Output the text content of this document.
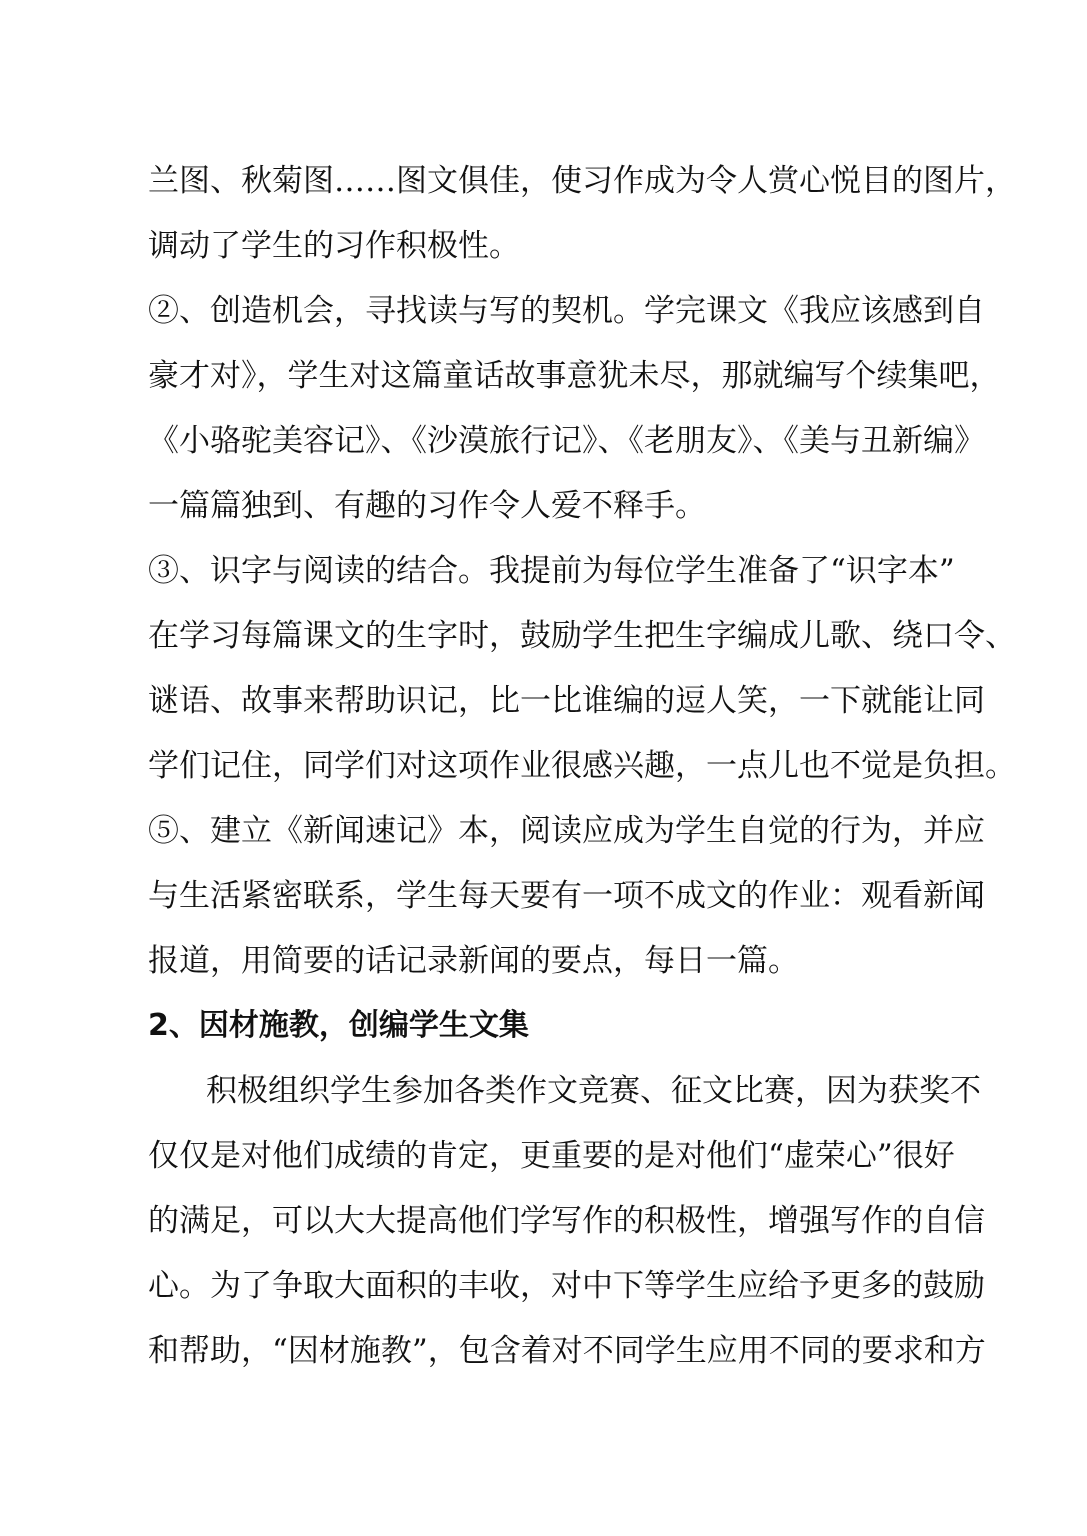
兰图、秋菊图……图文俱佳，使习作成为令人赏心悦目的图片，
调动了学生的习作积极性。
②、创造机会，寻找读与写的契机。学完课文《我应该感到自
豪才对》，学生对这篇童话故事意犹未尽，那就编写个续集吧，
《小骆驼美容记》、《沙漠旅行记》、《老朋友》、《美与丑新编》
一篇篇独到、有趣的习作令人爱不释手。
③、识字与阅读的结合。我提前为每位学生准备了“识字本”
在学习每篇课文的生字时，鼓励学生把生字编成儿歌、绕口令、
谜语、故事来帮助识记，比一比谁编的逗人笑，一下就能让同
学们记住，同学们对这项作业很感兴趣，一点儿也不觉是负担。
⑤、建立《新闻速记》本，阅读应成为学生自觉的行为，并应
与生活紧密联系，学生每天要有一项不成文的作业：观看新闻
报道，用简要的话记录新闻的要点，每日一篇。
2、因材施教，创编学生文集
积极组织学生参加各类作文竞赛、征文比赛，因为获奖不
仅仅是对他们成绩的肯定，更重要的是对他们“虚荣心”很好
的满足，可以大大提高他们学写作的积极性，增强写作的自信
心。为了争取大面积的丰收，对中下等学生应给予更多的鼓励
和帮助，“因材施教”，包含着对不同学生应用不同的要求和方
